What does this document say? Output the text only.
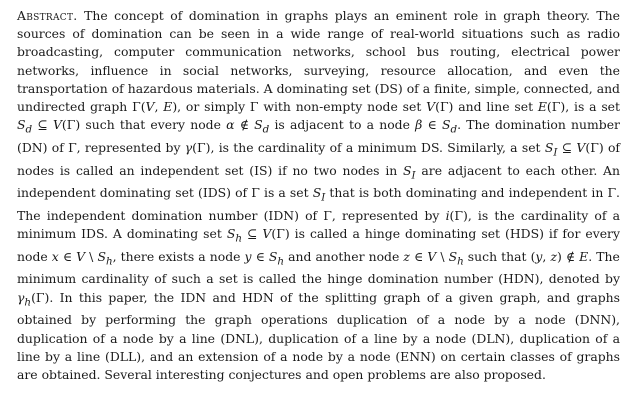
Abstract. The concept of domination in graphs plays an eminent role in graph theory. The sources of domination can be seen in a wide range of real-world situations such as radio broadcasting, computer communication networks, school bus routing, electrical power networks, influence in social networks, surveying, resource allocation, and even the transportation of hazardous materials. A dominating set (DS) of a finite, simple, connected, and undirected graph Γ(V, E), or simply Γ with non-empty node set V(Γ) and line set E(Γ), is a set $S_d$ ⊆ V(Γ) such that every node α ∉ $S_d$ is adjacent to a node β ∈ $S_d$. The domination number (DN) of Γ, represented by γ(Γ), is the cardinality of a minimum DS. Similarly, a set $S_I$ ⊆ V(Γ) of nodes is called an independent set (IS) if no two nodes in $S_I$ are adjacent to each other. An independent dominating set (IDS) of Γ is a set $S_I$ that is both dominating and independent in Γ. The independent domination number (IDN) of Γ, represented by i(Γ), is the cardinality of a minimum IDS. A dominating set $S_h$ ⊆ V(Γ) is called a hinge dominating set (HDS) if for every node x ∈ V \ $S_h$, there exists a node y ∈ $S_h$ and another node z ∈ V \ $S_h$ such that (y, z) ∉ E. The minimum cardinality of such a set is called the hinge domination number (HDN), denoted by $\gamma_h(\Gamma)$. In this paper, the IDN and HDN of the splitting graph of a given graph, and graphs obtained by performing the graph operations duplication of a node by a node (DNN), duplication of a node by a line (DNL), duplication of a line by a node (DLN), duplication of a line by a line (DLL), and an extension of a node by a node (ENN) on certain classes of graphs are obtained. Several interesting conjectures and open problems are also proposed.
